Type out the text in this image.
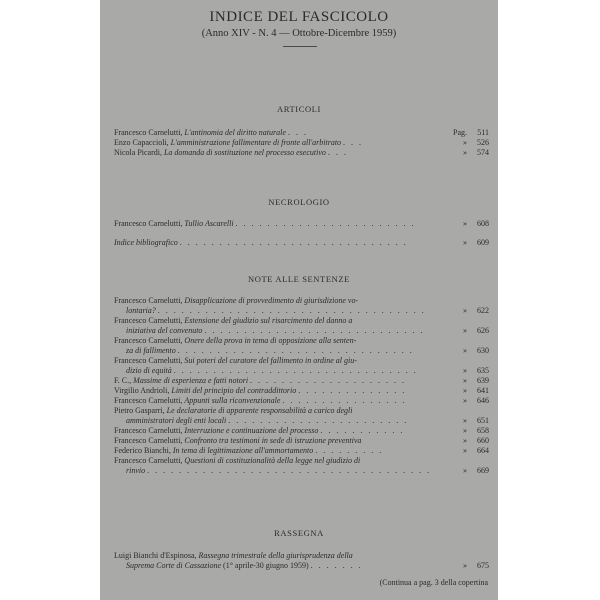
INDICE DEL FASCICOLO
(Anno XIV - N. 4 — Ottobre-Dicembre 1959)
ARTICOLI
Francesco Carnelutti, L'antinomia del diritto naturale . . .	Pag. 511
Enzo Capaccioli, L'amministrazione fallimentare di fronte all'arbitrato . . .	» 526
Nicola Picardi, La domanda di sostituzione nel processo esecutivo . . .	» 574
NECROLOGIO
Francesco Carnelutti, Tullio Ascarelli . . . . . . . . . . . . . . . . . . . . . . .	» 608
Indice bibliografico . . . . . . . . . . . . . . . . . . . . . . . . . . . . .	» 609
NOTE ALLE SENTENZE
Francesco Carnelutti, Disapplicazione di provvedimento di giurisdizione vo-
lontaria? . . . . . . . . . . . . . . . . . . . . . . . . . . . . . . . . . .	» 622
Francesco Carnelutti, Estensione del giudizio sul risarcimento del danno a
iniziativa del convenuto . . . . . . . . . . . . . . . . . . . . . . . . . . . .	» 626
Francesco Carnelutti, Onere della prova in tema di opposizione alla senten-
za di fallimento . . . . . . . . . . . . . . . . . . . . . . . . . . . . . .	» 630
Francesco Carnelutti, Sui poteri del curatore del fallimento in ordine al giu-
dizio di equità . . . . . . . . . . . . . . . . . . . . . . . . . . . . . . .	» 635
F. C., Massime di esperienza e fatti notori . . . . . . . . . . . . . . . . . . . .	» 639
Virgilio Andrioli, Limiti del principio del contraddittorio . . . . . . . . . . . . . .	» 641
Francesco Carnelutti, Appunti sulla riconvenzionale . . . . . . . . . . . . . . . .	» 646
Pietro Gasparri, Le declaratorie di apparente responsabilità a carico degli
amministratori degli enti locali . . . . . . . . . . . . . . . . . . . . . . .	» 651
Francesco Carnelutti, Interruzione e continuazione del processo . . . . . . . . . . .	» 658
Francesco Carnelutti, Confronto tra testimoni in sede di istruzione preventiva	» 660
Federico Bianchi, In tema di legittimazione all'ammortamento . . . . . . . . .	» 664
Francesco Carnelutti, Questioni di costituzionalità della legge nel giudizio di
rinvio . . . . . . . . . . . . . . . . . . . . . . . . . . . . . . . . . . . .	» 669
RASSEGNA
Luigi Bianchi d'Espinosa, Rassegna trimestrale della giurisprudenza della
Suprema Corte di Cassazione (1° aprile-30 giugno 1959) . . . . . . .	» 675
(Continua a pag. 3 della copertina
